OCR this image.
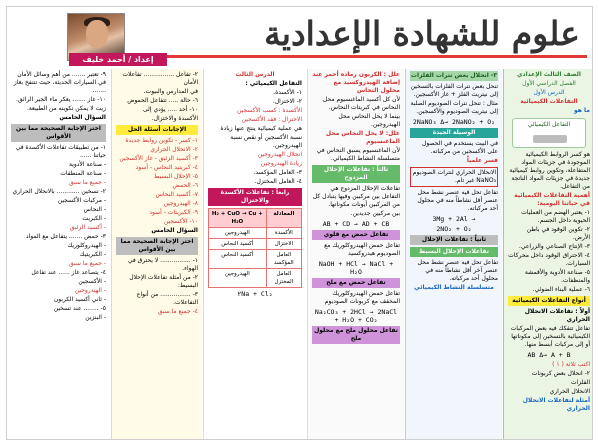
إعداد / أحمد خليف
علوم للشهادة الإعدادية

الصف الثالث الإعدادي

الفصل الدراسي الأول

الدرس الأول

التفاعلات الكيميائية

ما هو

التفاعل الكيميائي

هو كسر الروابط الكيميائية الموجودة في جزيئات المواد المتفاعلة، وتكوين روابط كيميائية جديدة في جزيئات المواد الناتجة من التفاعل.

أهمية التفاعلات الكيميائية في حياتنا اليومية:

١- يعتبر الهضم من العمليات الحيوية داخل الجسم.

٢- تكوين الوقود في باطن الأرض.

٣- الإنتاج الصناعي والزراعي.

٤- الاحتراق الوقود داخل محركات السيارات.

٥- صناعة الأدوية والأقمشة والمنظفات.

٦- عملية البناء الضوئي.

أنواع التفاعلات الكيميائية

أولاً : تفاعلات الانحلال الحراري

تفاعل تتفكك فيه بعض المركبات الكيميائية بالتسخين إلى مكوناتها أو إلى مركبات أبسط منها.

AB Δ→ A + B

اكتب ثلاثة ( ١ )

٢- انحلال بعض كربونات

الفلزات

الانحلال الحراري

أمثلة لتفاعلات الانحلال الحراري

٣- انحلال بعض نترات الفلزات

تنحل بعض نترات الفلزات بالتسخين إلى نيتريت الفلز + غاز الأكسجين.

مثال : تنحل نترات الصوديوم الصلبة إلى نيتريت الصوديوم والأكسجين.

2NaNO₃ Δ→ 2NaNO₂ + O₂

الوسيلة الجيدة

في البيت يستخدم في الحصول على الأكسجين من مركباته.

فسر علمياً

الانحلال الحراري لنترات الصوديوم NaNO₃ غير تام.

تفاعل تحل فيه عنصر نشط محل عنصر أقل نشاطاً منه في محلول أحد مركباته.

3Mg + 2Al →

2NO₂ + O₂

ثانياً : تفاعلات الإحلال
تفاعلات الإحلال البسيط

تفاعل تحل فيه عنصر نشط محل عنصر آخر أقل نشاطاً منه في محلول أحد مركباته.

متسلسلة النشاط الكيميائي

علل : الكربون رماده أحمر عند إضافة الهيدروكسيد مع محلول النحاس

لأن كل أكسيد الماغنسيوم محل النحاس في كبريتات النحاس.

بينما لا يحل النحاس محل الهيدروجين.

علل: لا يحل النحاس محل الماغنسيوم

لأن الماغنسيوم يسبق النحاس في متسلسلة النشاط الكيميائي.

ثالثاً : تفاعلات الإحلال المزدوج

تفاعلات الإحلال المزدوج هي التفاعل بين مركبين وفيها يتبادل كل من المركبين أيونات مكوناتها.

بين مركبين جديدين.

AB + CD → AD + CB

تفاعل حمض مع قلوي

تفاعل حمض الهيدروكلوريك مع الصوديوم هيدروكسيد

NaOH + HCl → NaCl + H₂O

تفاعل حمض مع ملح

تفاعل حمض الهيدروكلوريك المخفف مع كربونات الصوديوم

Na₂CO₃ + 2HCl → 2NaCl + H₂O + CO₂

تفاعل محلول ملح مع محلول ملح

الدرس الثالث

التفاعل الكيميائي :

١- الأكسدة.

٢- الاختزال.

الأكسدة : كسب الأكسجين

الاختزال : فقد الأكسجين

هي عملية كيميائية ينتج عنها زيادة

نسبة الأكسجين أو نقص نسبة الهيدروجين.

انحلال الهيدروجين

زيادة الهيدروجين

٣- العامل المؤكسد.

٤- العامل المختزل.

رابعاً : تفاعلات الأكسدة والاختزال
المعادلة	H₂ + CuO → Cu + H₂O
الأكسدة	الهيدروجين
الاختزال	أكسيد النحاس
العامل المؤكسد	أكسيد النحاس
العامل المختزل	الهيدروجين

٢Na + Cl₂

٢- تفاعل ................ تفاعلات الأمان

في المدارس والبيوت.

٦- حالة ..... تتفاعل الحموض

١٠- أحد ..... يؤدي إلى

الأكسدة والاختزال.

الإجابات أسئلة الحل

١- كسر - تكوين روابط جديدة

٢- الانحلال الحراري

٣- أكسيد الزئبق - غاز الأكسجين

٤- كبريتيد النحاس - أسود

٥- الإحلال البسيط

٦- الحمض

٧- أكسيد النحاس

٨- الهيدروجين

٩- الكبريتات - أسود

١٠- الأكسجين

السؤال الخامس

اختر الإجابة الصحيحة مما بين الأقواس

١- ................ لا يحترق في الهواء.

٢- من أمثلة تفاعلات الإحلال البسيط:

٣- ................ من أنواع التفاعلات.

٤- جميع ما سبق

٩- تعتبر ....... من أهم وسائل الأمان في السيارات الحديثة، حيث تنتفخ بغاز .......

١٠- غاز ....... يعكر ماء الجير الرائق.

زيت لا يمكن تكوينه من الطبيعة.

السؤال الخامس

اختر الإجابة الصحيحة مما بين الأقواس

١- من تطبيقات تفاعلات الأكسدة في حياتنا ......

- صناعة الأدوية

- صناعة المنظفات

- جميع ما سبق

٢- تسخين ............ بالانحلال الحراري

- مركبات الأكسجين

- النحاس

- الكبريت

- أكسيد الزئبق

٣- حمض ....... يتفاعل مع المواد

- الهيدروكلوريك

- الكبريتيك

- جميع ما سبق

٤- يتصاعد غاز ...... عند تفاعل

- الأكسجين

- الهيدروجين

- ثاني أكسيد الكربون

٥- ........ عند تسخين

- البنزين
